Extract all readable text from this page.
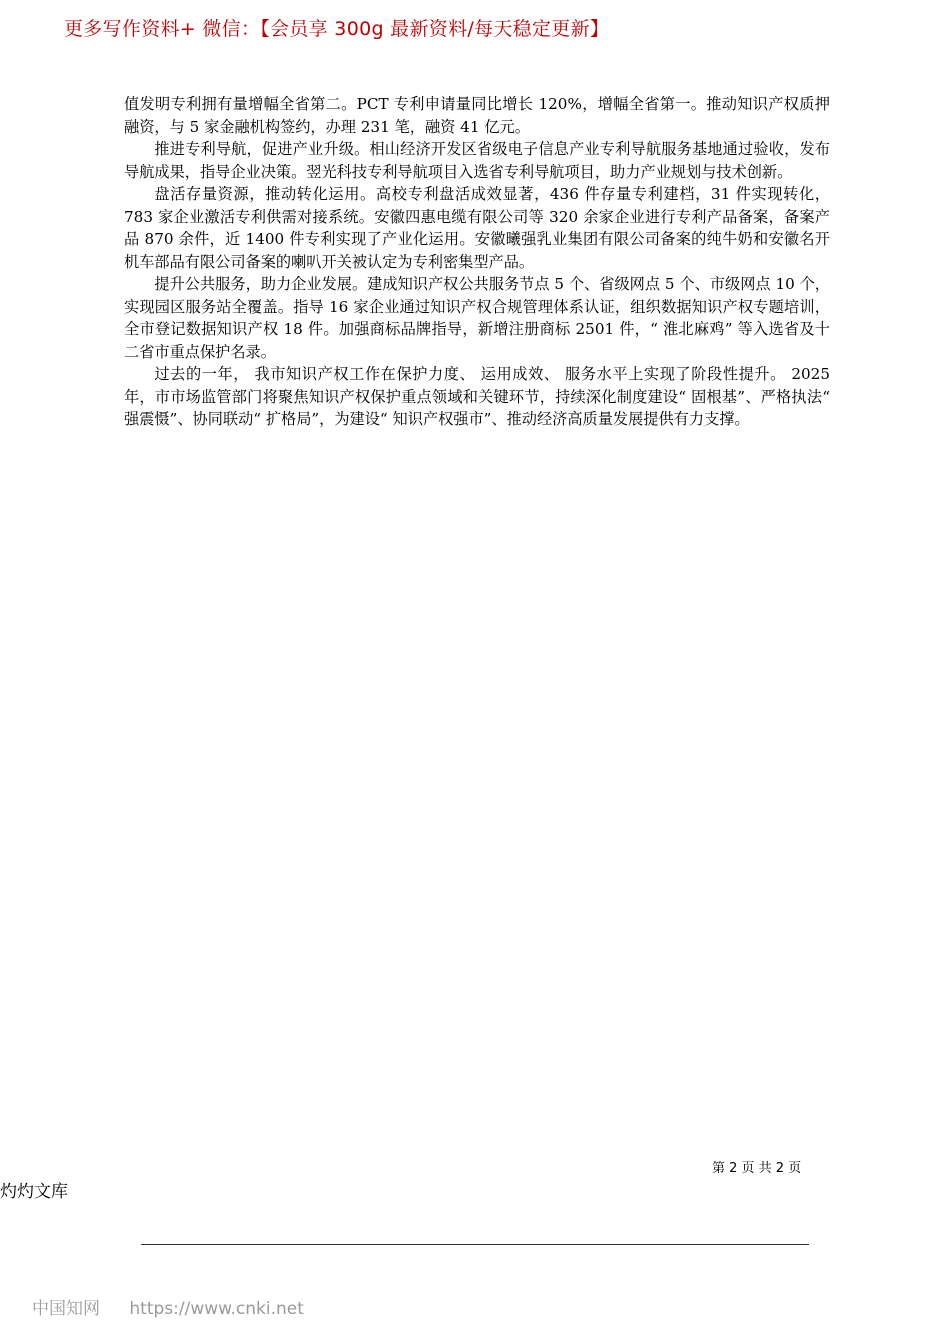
更多写作资料+ 微信：【会员享 300g 最新资料/每天稳定更新】

值发明专利拥有量增幅全省第二。PCT 专利申请量同比增长 120%，增幅全省第一。推动知识产权质押融资，与 5 家金融机构签约，办理 231 笔，融资 41 亿元。

推进专利导航，促进产业升级。相山经济开发区省级电子信息产业专利导航服务基地通过验收，发布导航成果，指导企业决策。翌光科技专利导航项目入选省专利导航项目，助力产业规划与技术创新。

盘活存量资源，推动转化运用。高校专利盘活成效显著，436 件存量专利建档，31 件实现转化，783 家企业激活专利供需对接系统。安徽四惠电缆有限公司等 320 余家企业进行专利产品备案，备案产品 870 余件，近 1400 件专利实现了产业化运用。安徽曦强乳业集团有限公司备案的纯牛奶和安徽名开机车部品有限公司备案的喇叭开关被认定为专利密集型产品。

提升公共服务，助力企业发展。建成知识产权公共服务节点 5 个、省级网点 5 个、市级网点 10 个，实现园区服务站全覆盖。指导 16 家企业通过知识产权合规管理体系认证，组织数据知识产权专题培训，全市登记数据知识产权 18 件。加强商标品牌指导，新增注册商标 2501 件，“ 淮北麻鸡” 等入选省及十二省市重点保护名录。

过去的一年， 我市知识产权工作在保护力度、 运用成效、 服务水平上实现了阶段性提升。 2025 年，市市场监管部门将聚焦知识产权保护重点领域和关键环节，持续深化制度建设“ 固根基”、严格执法“ 强震慑”、协同联动“ 扩格局”，为建设“ 知识产权强市”、推动经济高质量发展提供有力支撑。

第 2 页 共 2 页
灼灼文库
中国知网 https://www.cnki.net
